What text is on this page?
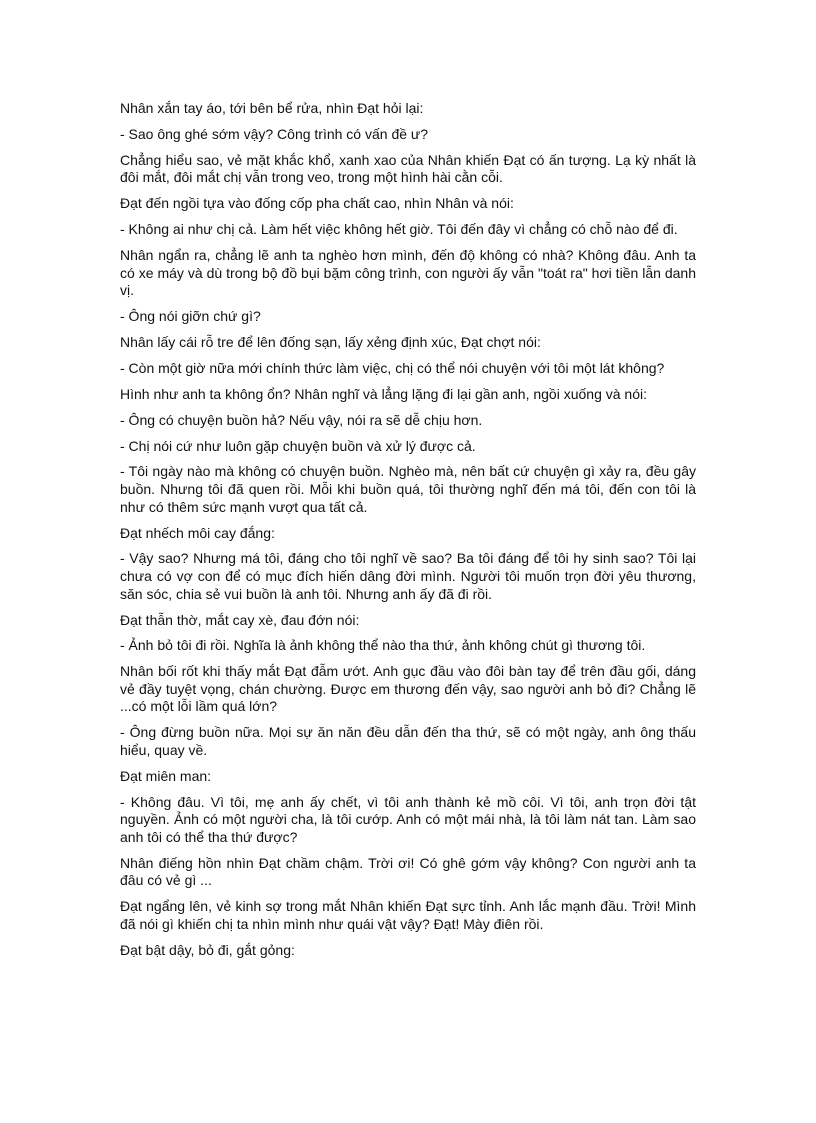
Nhân xắn tay áo, tới bên bể rửa, nhìn Đạt hỏi lại:

- Sao ông ghé sớm vậy? Công trình có vấn đề ư?

Chẳng hiểu sao, vẻ mặt khắc khổ, xanh xao của Nhân khiến Đạt có ấn tượng. Lạ kỳ nhất là đôi mắt, đôi mắt chị vẫn trong veo, trong một hình hài cằn cỗi.

Đạt đến ngồi tựa vào đống cốp pha chất cao, nhìn Nhân và nói:

- Không ai như chị cả. Làm hết việc không hết giờ. Tôi đến đây vì chẳng có chỗ nào để đi.

Nhân ngẩn ra, chẳng lẽ anh ta nghèo hơn mình, đến độ không có nhà? Không đâu. Anh ta có xe máy và dù trong bộ đồ bụi bặm công trình, con người ấy vẫn "toát ra" hơi tiền lẫn danh vị.

- Ông nói giỡn chứ gì?

Nhân lấy cái rỗ tre để lên đống sạn, lấy xẻng định xúc, Đạt chợt nói:

- Còn một giờ nữa mới chính thức làm việc, chị có thể nói chuyện với tôi một lát không?

Hình như anh ta không ổn? Nhân nghĩ và lẳng lặng đi lại gần anh, ngồi xuống và nói:

- Ông có chuyện buồn hả? Nếu vậy, nói ra sẽ dễ chịu hơn.

- Chị nói cứ như luôn gặp chuyện buồn và xử lý được cả.

- Tôi ngày nào mà không có chuyện buồn. Nghèo mà, nên bất cứ chuyện gì xảy ra, đều gây buồn. Nhưng tôi đã quen rồi. Mỗi khi buồn quá, tôi thường nghĩ đến má tôi, đến con tôi là như có thêm sức mạnh vượt qua tất cả.

Đạt nhếch môi cay đắng:

- Vậy sao? Nhưng má tôi, đáng cho tôi nghĩ về sao? Ba tôi đáng để tôi hy sinh sao? Tôi lại chưa có vợ con để có mục đích hiến dâng đời mình. Người tôi muốn trọn đời yêu thương, săn sóc, chia sẻ vui buồn là anh tôi. Nhưng anh ấy đã đi rồi.

Đạt thẫn thờ, mắt cay xè, đau đớn nói:

- Ảnh bỏ tôi đi rồi. Nghĩa là ảnh không thể nào tha thứ, ảnh không chút gì thương tôi.

Nhân bối rốt khi thấy mắt Đạt đẫm ướt. Anh gục đầu vào đôi bàn tay để trên đầu gối, dáng vẻ đầy tuyệt vọng, chán chường. Được em thương đến vậy, sao người anh bỏ đi? Chẳng lẽ ...có một lỗi lầm quá lớn?

- Ông đừng buồn nữa. Mọi sự ăn năn đều dẫn đến tha thứ, sẽ có một ngày, anh ông thấu hiểu, quay về.

Đạt miên man:

- Không đâu. Vì tôi, mẹ anh ấy chết, vì tôi anh thành kẻ mồ côi. Vì tôi, anh trọn đời tật nguyền. Ảnh có một người cha, là tôi cướp. Anh có một mái nhà, là tôi làm nát tan. Làm sao anh tôi có thể tha thứ được?

Nhân điếng hồn nhìn Đạt chầm chậm. Trời ơi! Có ghê gớm vậy không? Con người anh ta đâu có vẻ gì ...

Đạt ngẩng lên, vẻ kinh sợ trong mắt Nhân khiến Đạt sực tỉnh. Anh lắc mạnh đầu. Trời! Mình đã nói gì khiến chị ta nhìn mình như quái vật vậy? Đạt! Mày điên rồi.

Đạt bật dậy, bỏ đi, gắt gỏng:
